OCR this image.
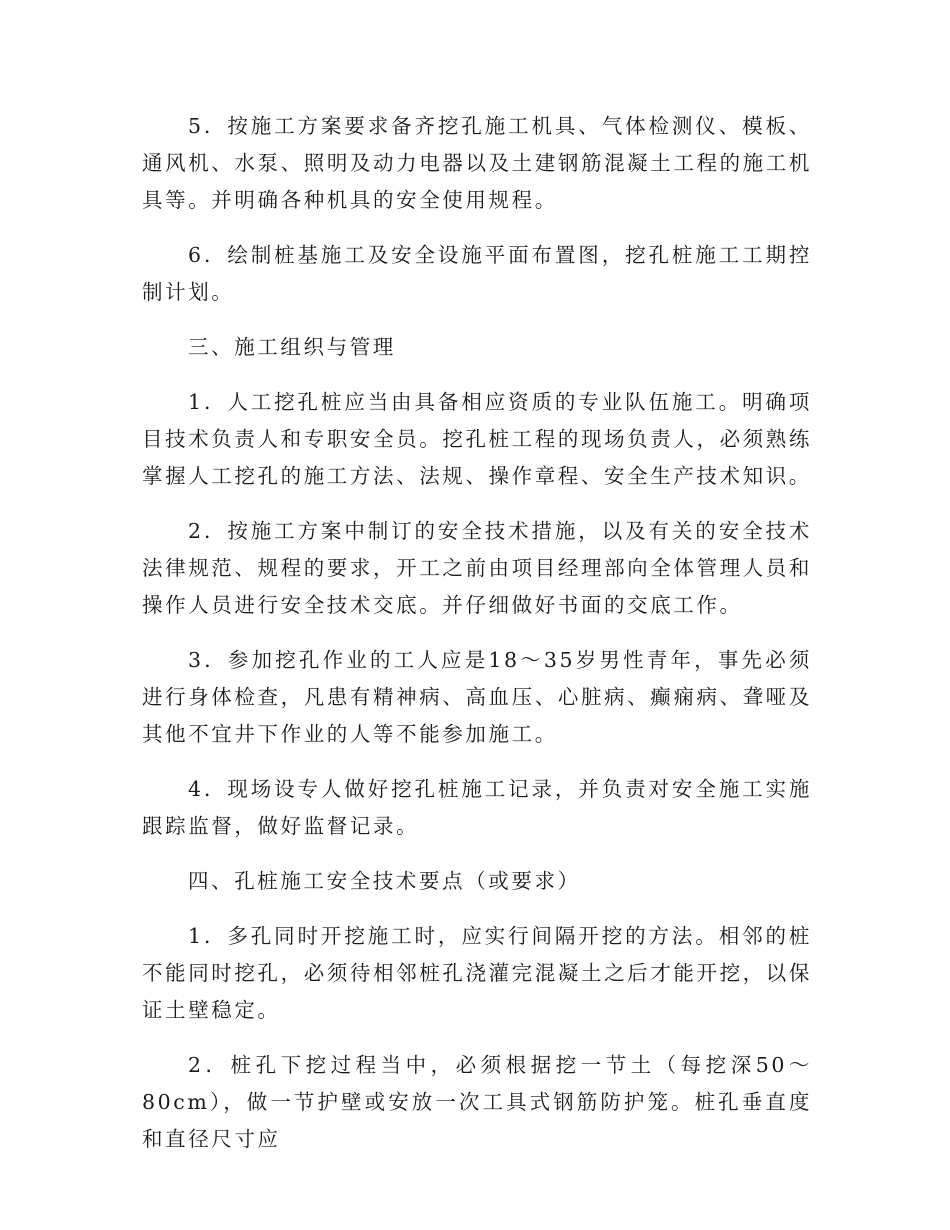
5．按施工方案要求备齐挖孔施工机具、气体检测仪、模板、通风机、水泵、照明及动力电器以及土建钢筋混凝土工程的施工机具等。并明确各种机具的安全使用规程。

6．绘制桩基施工及安全设施平面布置图，挖孔桩施工工期控制计划。

三、施工组织与管理

1．人工挖孔桩应当由具备相应资质的专业队伍施工。明确项目技术负责人和专职安全员。挖孔桩工程的现场负责人，必须熟练掌握人工挖孔的施工方法、法规、操作章程、安全生产技术知识。

2．按施工方案中制订的安全技术措施，以及有关的安全技术法律规范、规程的要求，开工之前由项目经理部向全体管理人员和操作人员进行安全技术交底。并仔细做好书面的交底工作。

3．参加挖孔作业的工人应是18～35岁男性青年，事先必须进行身体检查，凡患有精神病、高血压、心脏病、癫痫病、聋哑及其他不宜井下作业的人等不能参加施工。

4．现场设专人做好挖孔桩施工记录，并负责对安全施工实施跟踪监督，做好监督记录。

四、孔桩施工安全技术要点（或要求）

1．多孔同时开挖施工时，应实行间隔开挖的方法。相邻的桩不能同时挖孔，必须待相邻桩孔浇灌完混凝土之后才能开挖，以保证土壁稳定。

2．桩孔下挖过程当中，必须根据挖一节土（每挖深50～80cm），做一节护壁或安放一次工具式钢筋防护笼。桩孔垂直度和直径尺寸应
